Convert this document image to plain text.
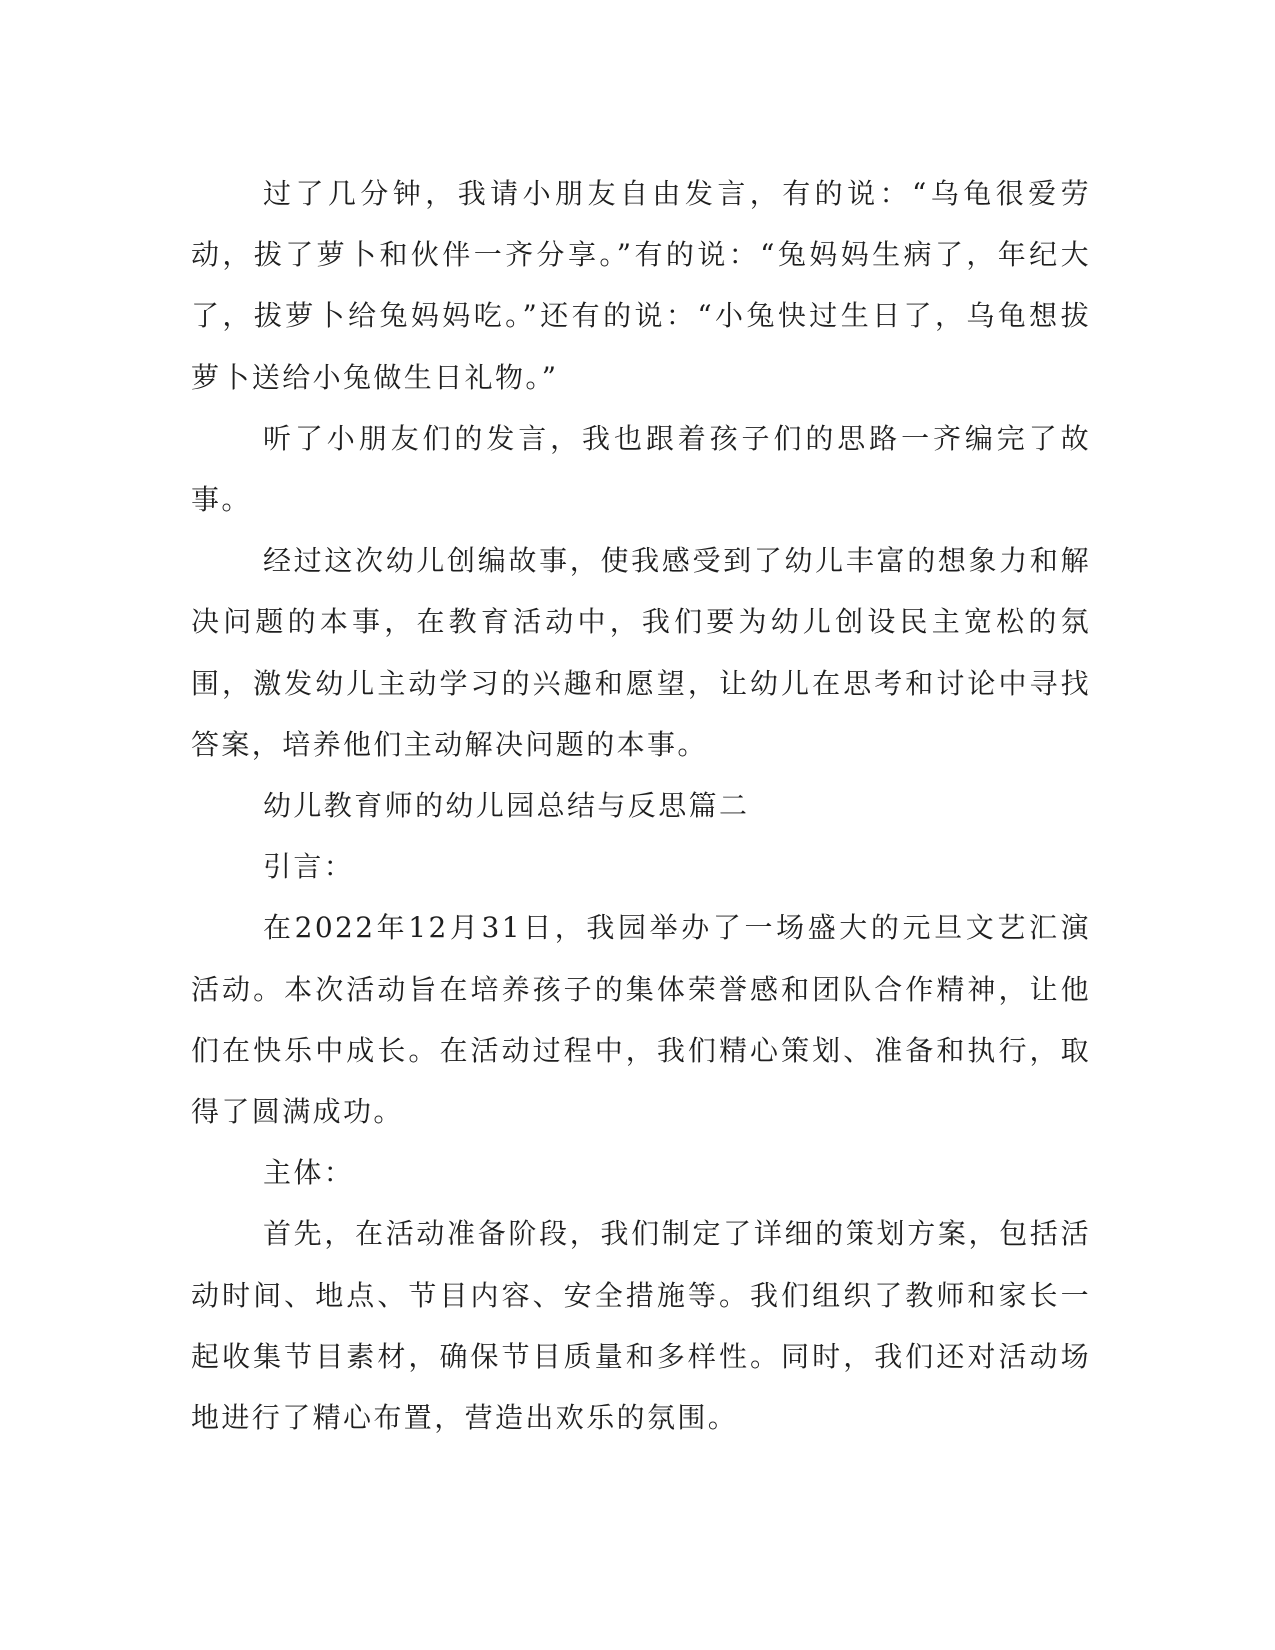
过了几分钟，我请小朋友自由发言，有的说：“乌龟很爱劳动，拔了萝卜和伙伴一齐分享。”有的说：“兔妈妈生病了，年纪大了，拔萝卜给兔妈妈吃。”还有的说：“小兔快过生日了，乌龟想拔萝卜送给小兔做生日礼物。”

听了小朋友们的发言，我也跟着孩子们的思路一齐编完了故事。

经过这次幼儿创编故事，使我感受到了幼儿丰富的想象力和解决问题的本事，在教育活动中，我们要为幼儿创设民主宽松的氛围，激发幼儿主动学习的兴趣和愿望，让幼儿在思考和讨论中寻找答案，培养他们主动解决问题的本事。

幼儿教育师的幼儿园总结与反思篇二

引言：

在2022年12月31日，我园举办了一场盛大的元旦文艺汇演活动。本次活动旨在培养孩子的集体荣誉感和团队合作精神，让他们在快乐中成长。在活动过程中，我们精心策划、准备和执行，取得了圆满成功。

主体：

首先，在活动准备阶段，我们制定了详细的策划方案，包括活动时间、地点、节目内容、安全措施等。我们组织了教师和家长一起收集节目素材，确保节目质量和多样性。同时，我们还对活动场地进行了精心布置，营造出欢乐的氛围。
